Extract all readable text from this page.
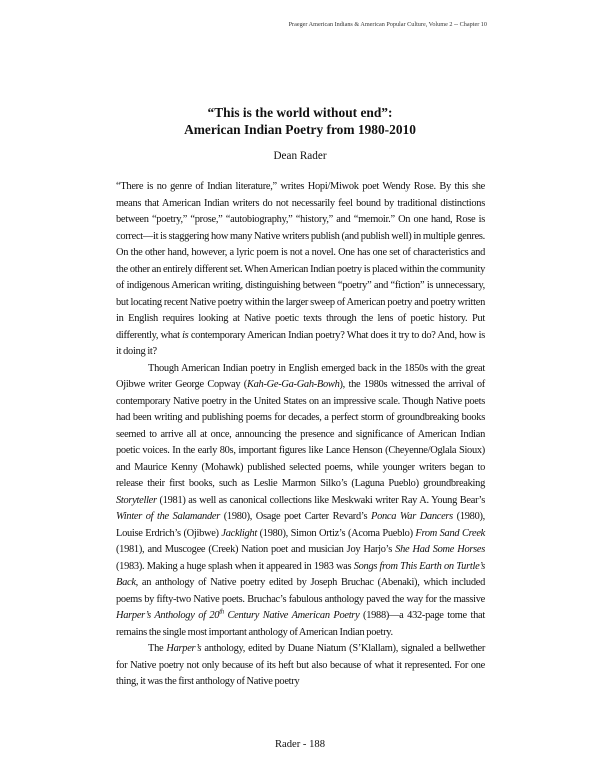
Praeger American Indians & American Popular Culture, Volume 2 -- Chapter 10
“This is the world without end”:
American Indian Poetry from 1980-2010
Dean Rader

“There is no genre of Indian literature,” writes Hopi/Miwok poet Wendy Rose. By this she means that American Indian writers do not necessarily feel bound by traditional distinctions between “poetry,” “prose,” “autobiography,” “history,” and “memoir.” On one hand, Rose is correct—it is staggering how many Native writers publish (and publish well) in multiple genres. On the other hand, however, a lyric poem is not a novel. One has one set of characteristics and the other an entirely different set. When American Indian poetry is placed within the community of indigenous American writing, distinguishing between “poetry” and “fiction” is unnecessary, but locating recent Native poetry within the larger sweep of American poetry and poetry written in English requires looking at Native poetic texts through the lens of poetic history. Put differently, what is contemporary American Indian poetry? What does it try to do? And, how is it doing it?

Though American Indian poetry in English emerged back in the 1850s with the great Ojibwe writer George Copway (Kah-Ge-Ga-Gah-Bowh), the 1980s witnessed the arrival of contemporary Native poetry in the United States on an impressive scale. Though Native poets had been writing and publishing poems for decades, a perfect storm of groundbreaking books seemed to arrive all at once, announcing the presence and significance of American Indian poetic voices. In the early 80s, important figures like Lance Henson (Cheyenne/Oglala Sioux) and Maurice Kenny (Mohawk) published selected poems, while younger writers began to release their first books, such as Leslie Marmon Silko’s (Laguna Pueblo) groundbreaking Storyteller (1981) as well as canonical collections like Meskwaki writer Ray A. Young Bear’s Winter of the Salamander (1980), Osage poet Carter Revard’s Ponca War Dancers (1980), Louise Erdrich’s (Ojibwe) Jacklight (1980), Simon Ortiz’s (Acoma Pueblo) From Sand Creek (1981), and Muscogee (Creek) Nation poet and musician Joy Harjo’s She Had Some Horses (1983). Making a huge splash when it appeared in 1983 was Songs from This Earth on Turtle’s Back, an anthology of Native poetry edited by Joseph Bruchac (Abenaki), which included poems by fifty-two Native poets. Bruchac’s fabulous anthology paved the way for the massive Harper’s Anthology of 20th Century Native American Poetry (1988)—a 432-page tome that remains the single most important anthology of American Indian poetry.

The Harper’s anthology, edited by Duane Niatum (S’Klallam), signaled a bellwether for Native poetry not only because of its heft but also because of what it represented. For one thing, it was the first anthology of Native poetry

Rader - 188
